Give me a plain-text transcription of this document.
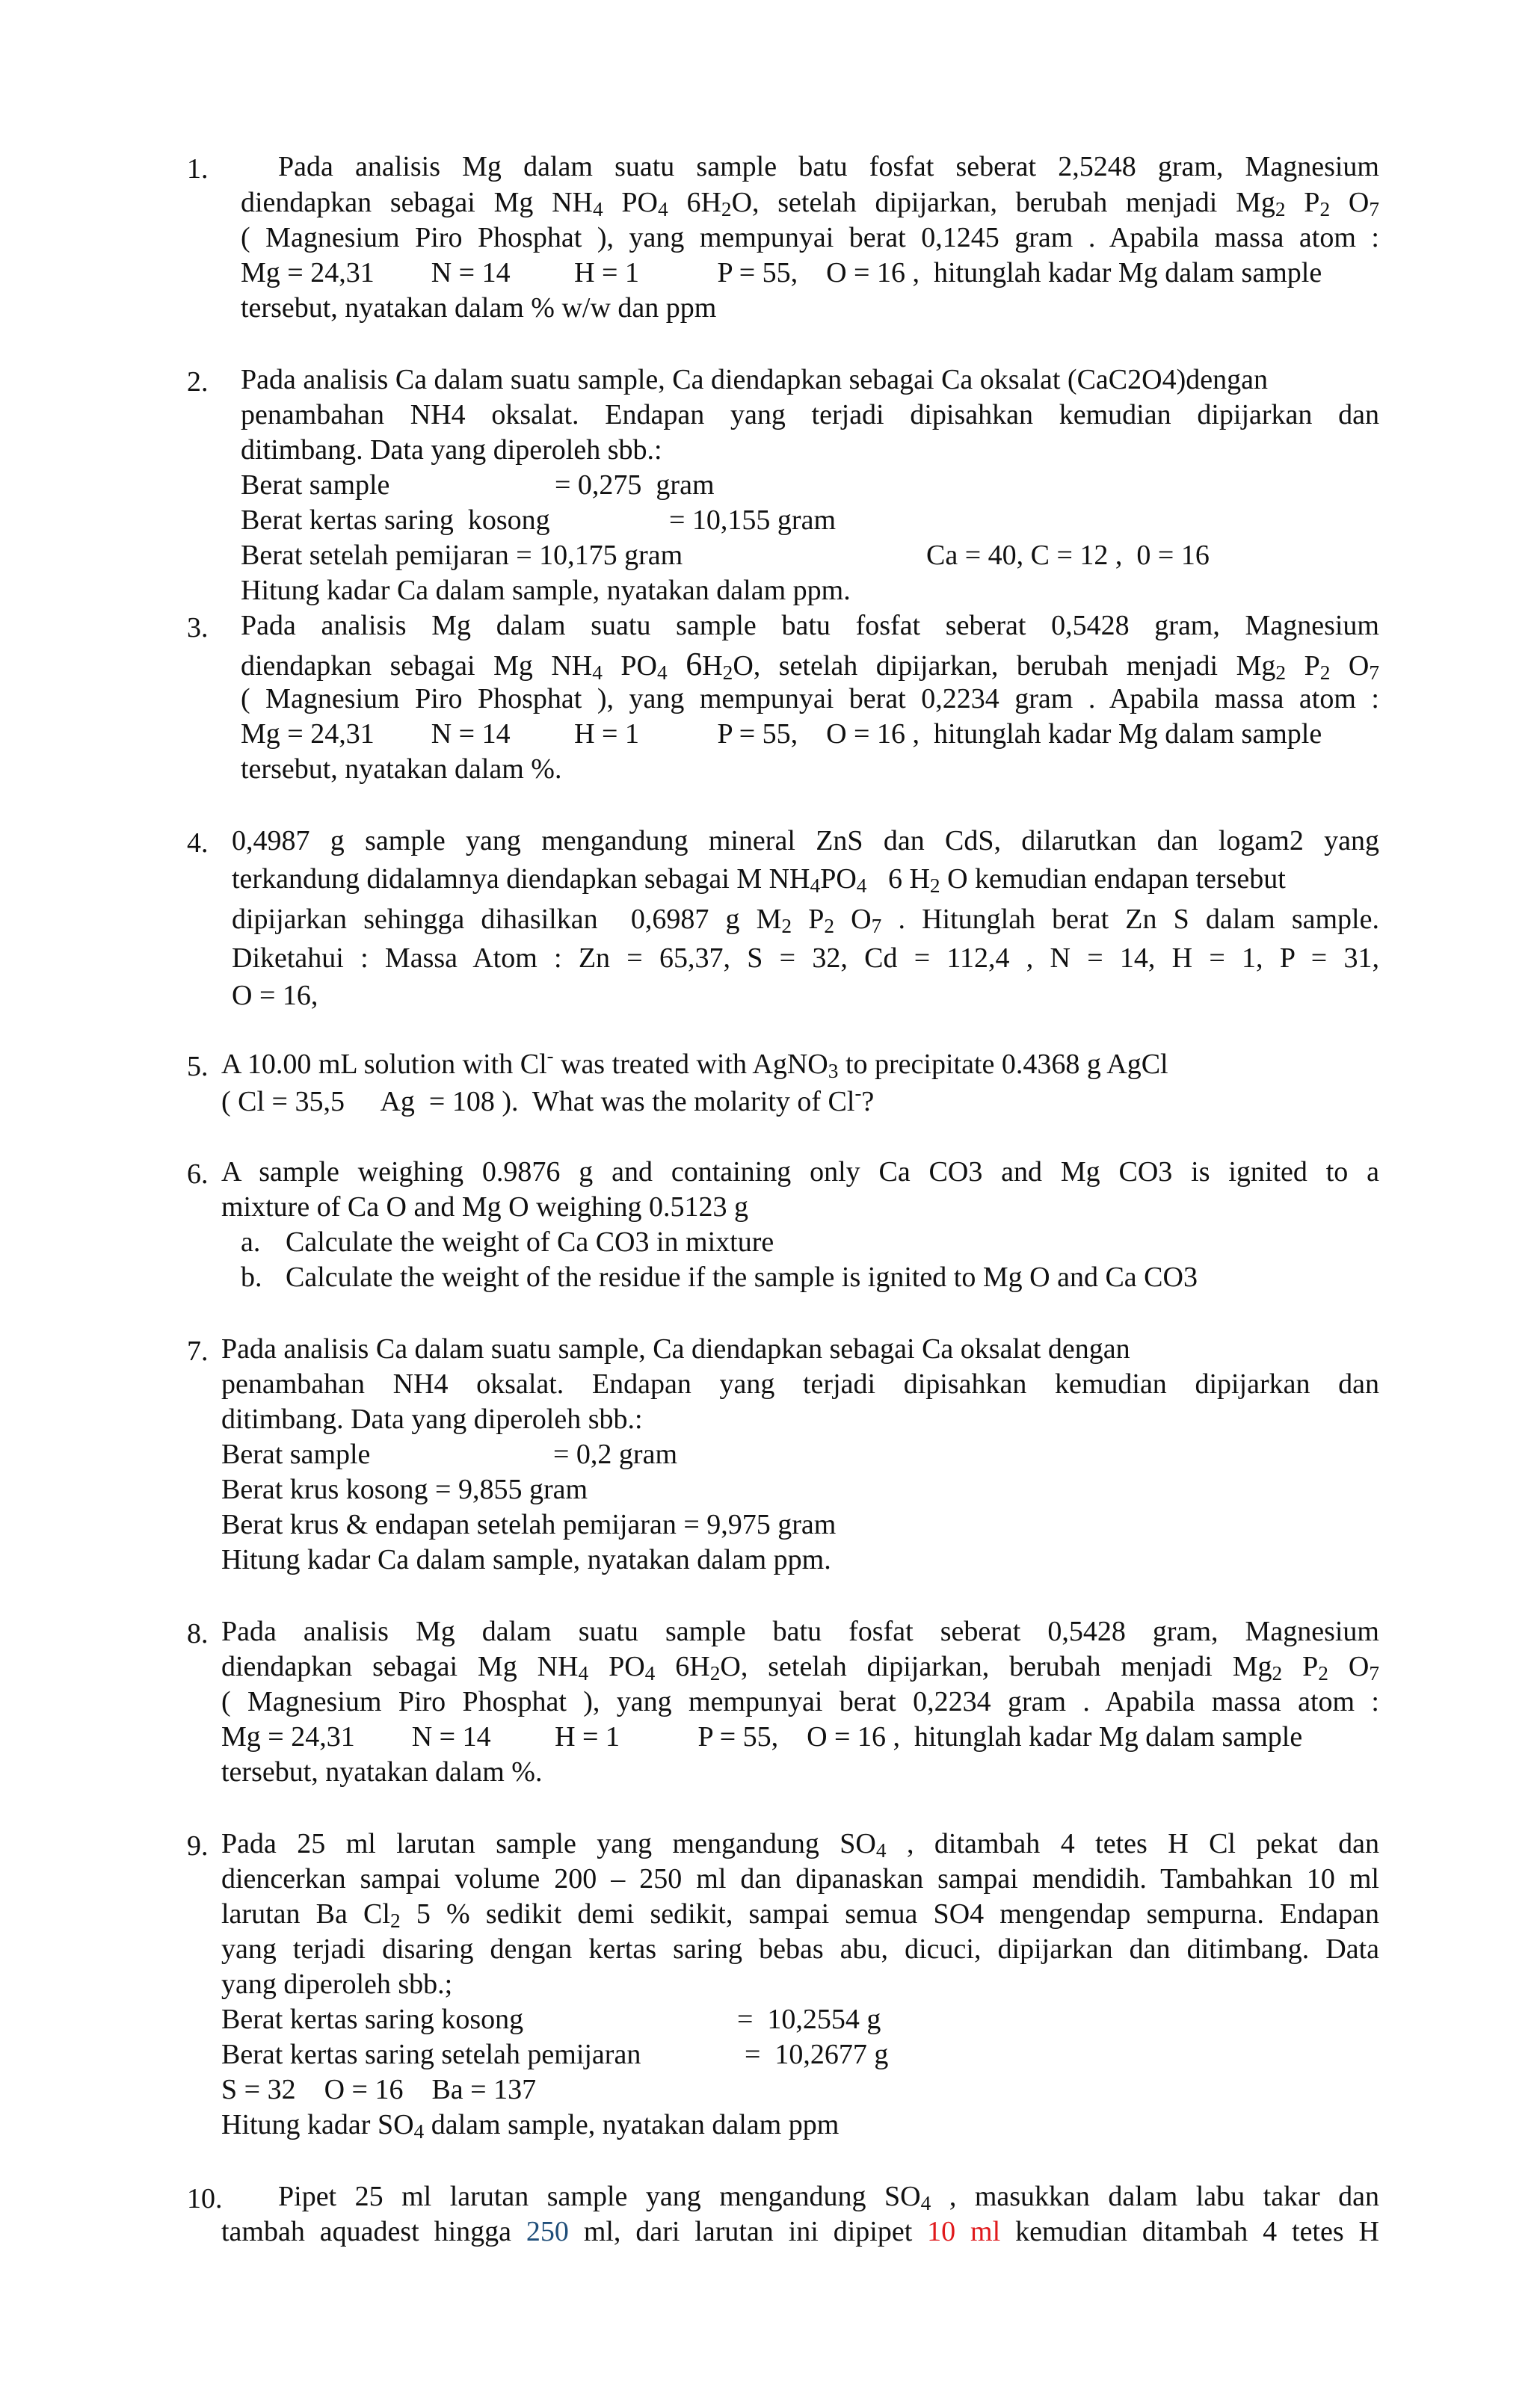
1. Pada analisis Mg dalam suatu sample batu fosfat seberat 2,5248 gram, Magnesium
diendapkan sebagai Mg $NH_4$ $PO_4$ $6H_2O$, setelah dipijarkan, berubah menjadi $Mg_2$ $P_2$ $O_7$
( Magnesium Piro Phosphat ), yang mempunyai berat 0,1245 gram . Apabila massa atom :
Mg = 24,31        N = 14         H = 1           P = 55,    O = 16 ,  hitunglah kadar Mg dalam sample
tersebut, nyatakan dalam % w/w dan ppm
2. Pada analisis Ca dalam suatu sample, Ca diendapkan sebagai Ca oksalat (CaC2O4)dengan
penambahan NH4 oksalat. Endapan yang terjadi dipisahkan kemudian dipijarkan dan
ditimbang. Data yang diperoleh sbb.:
Berat sample	= 0,275  gram
Berat kertas saring  kosong	= 10,155 gram
Berat setelah pemijaran = 10,175 gram	Ca = 40, C = 12 ,  0 = 16
Hitung kadar Ca dalam sample, nyatakan dalam ppm.
3. Pada analisis Mg dalam suatu sample batu fosfat seberat 0,5428 gram, Magnesium
diendapkan sebagai Mg $NH_4$ $PO_4$ $6H_2O$, setelah dipijarkan, berubah menjadi $Mg_2$ $P_2$ $O_7$
( Magnesium Piro Phosphat ), yang mempunyai berat 0,2234 gram . Apabila massa atom :
Mg = 24,31        N = 14         H = 1           P = 55,    O = 16 ,  hitunglah kadar Mg dalam sample
tersebut, nyatakan dalam %.
4. 0,4987 g sample yang mengandung mineral ZnS dan CdS, dilarutkan dan logam2 yang
terkandung didalamnya diendapkan sebagai M $NH_4PO_4$   6 $H_2$ O kemudian endapan tersebut
dipijarkan sehingga dihasilkan  0,6987 g $M_2$ $P_2$ $O_7$ . Hitunglah berat Zn S dalam sample.
Diketahui : Massa Atom : Zn = 65,37, S = 32, Cd = 112,4 , N = 14, H = 1, P = 31,
O = 16,
5. A 10.00 mL solution with Cl- was treated with AgNO$_3$ to precipitate 0.4368 g AgCl
( Cl = 35,5     Ag  = 108 ).  What was the molarity of Cl-?
6. A sample weighing 0.9876 g and containing only Ca CO3 and Mg CO3 is ignited to a
mixture of Ca O and Mg O weighing 0.5123 g
a. Calculate the weight of Ca CO3 in mixture
b. Calculate the weight of the residue if the sample is ignited to Mg O and Ca CO3
7. Pada analisis Ca dalam suatu sample, Ca diendapkan sebagai Ca oksalat dengan
penambahan NH4 oksalat. Endapan yang terjadi dipisahkan kemudian dipijarkan dan
ditimbang. Data yang diperoleh sbb.:
Berat sample	= 0,2 gram
Berat krus kosong = 9,855 gram
Berat krus & endapan setelah pemijaran = 9,975 gram
Hitung kadar Ca dalam sample, nyatakan dalam ppm.
8. Pada analisis Mg dalam suatu sample batu fosfat seberat 0,5428 gram, Magnesium
diendapkan sebagai Mg $NH_4$ $PO_4$ $6H_2O$, setelah dipijarkan, berubah menjadi $Mg_2$ $P_2$ $O_7$
( Magnesium Piro Phosphat ), yang mempunyai berat 0,2234 gram . Apabila massa atom :
Mg = 24,31        N = 14         H = 1           P = 55,    O = 16 ,  hitunglah kadar Mg dalam sample
tersebut, nyatakan dalam %.
9. Pada 25 ml larutan sample yang mengandung $SO_4$ , ditambah 4 tetes H Cl pekat dan
diencerkan sampai volume 200 – 250 ml dan dipanaskan sampai mendidih. Tambahkan 10 ml
larutan Ba $Cl_2$ 5 % sedikit demi sedikit, sampai semua SO4 mengendap sempurna. Endapan
yang terjadi disaring dengan kertas saring bebas abu, dicuci, dipijarkan dan ditimbang. Data
yang diperoleh sbb.;
Berat kertas saring kosong	=  10,2554 g
Berat kertas saring setelah pemijaran	=  10,2677 g
S = 32    O = 16    Ba = 137
Hitung kadar $SO_4$ dalam sample, nyatakan dalam ppm
10. Pipet 25 ml larutan sample yang mengandung $SO_4$ , masukkan dalam labu takar dan
tambah aquadest hingga 250 ml, dari larutan ini dipipet 10 ml kemudian ditambah 4 tetes H
